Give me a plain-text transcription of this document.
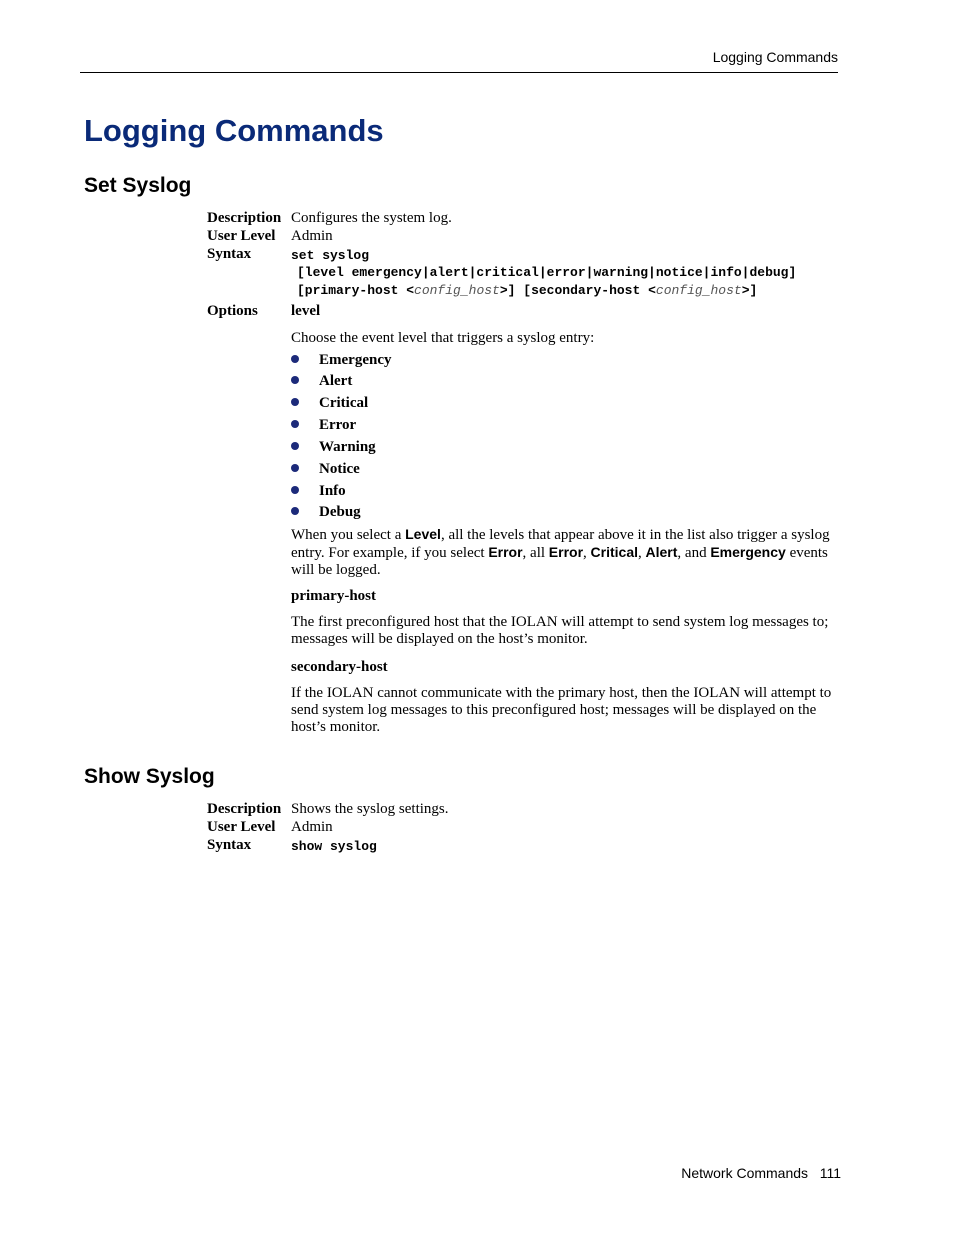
Logging Commands
Logging Commands
Set Syslog
Description Configures the system log.
User Level Admin
Syntax	set syslog
[level emergency|alert|critical|error|warning|notice|info|debug]
[primary-host <config_host>] [secondary-host <config_host>]
Options level
Choose the event level that triggers a syslog entry:
Emergency
Alert
Critical
Error
Warning
Notice
Info
Debug
When you select a Level, all the levels that appear above it in the list also trigger a syslog entry. For example, if you select Error, all Error, Critical, Alert, and Emergency events will be logged.
primary-host
The first preconfigured host that the IOLAN will attempt to send system log messages to; messages will be displayed on the host’s monitor.
secondary-host
If the IOLAN cannot communicate with the primary host, then the IOLAN will attempt to send system log messages to this preconfigured host; messages will be displayed on the host’s monitor.
Show Syslog
Description Shows the syslog settings.
User Level Admin
Syntax	show syslog
Network Commands 111
